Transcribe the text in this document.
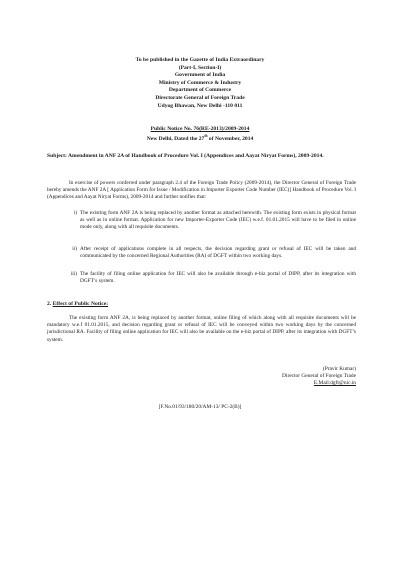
To be published in the Gazette of India Extraordinary
(Part-I, Section-I)
Government of India
Ministry of Commerce & Industry
Department of Commerce
Directorate General of Foreign Trade
Udyog Bhawan, New Delhi -110 011
Public Notice No. 76(RE-2013)/2009-2014
New Delhi, Dated the 27th of November, 2014
Subject: Amendment in ANF 2A of Handbook of Procedure Vol. I (Appendices and Aayat Niryat Forms), 2009-2014.
In exercise of powers conferred under paragraph 2.4 of the Foreign Trade Policy (2009-2014), the Director General of Foreign Trade hereby amends the ANF 2A [ Application Form for Issue / Modification in Importer Exporter Code Number (IEC)] Handbook of Procedure Vol. I (Appendices and Aayat Niryat Forms), 2009-2014 and further notifies that:
i) The existing form ANF 2A is being replaced by another format as attached herewith. The existing form exists in physical format as well as in online format. Application for new Importer-Exporter Code (IEC) w.e.f. 01.01.2015 will have to be filed in online mode only, along with all requisite documents.
ii) After receipt of applications complete in all respects, the decision regarding grant or refusal of IEC will be taken and communicated by the concerned Regional Authorities (RA) of DGFT within two working days.
iii) The facility of filing online application for IEC will also be available through e-biz portal of DIPP, after its integration with DGFT’s system.
2. Effect of Public Notice:
The existing form ANF 2A, is being replaced by another format, online filing of which along with all requisite documents will be mandatory w.e.f 01.01.2015, and decision regarding grant or refusal of IEC will be conveyed within two working days by the concerned jurisdictional RA. Facility of filing online application for IEC will also be available on the e-biz portal of DIPP, after its integration with DGFT’s system.
(Pravir Kumar)
Director General of Foreign Trade
E.Mail:dgft@nic.in
[F.No.01/93/180/20/AM-13/ PC-2(B)]
